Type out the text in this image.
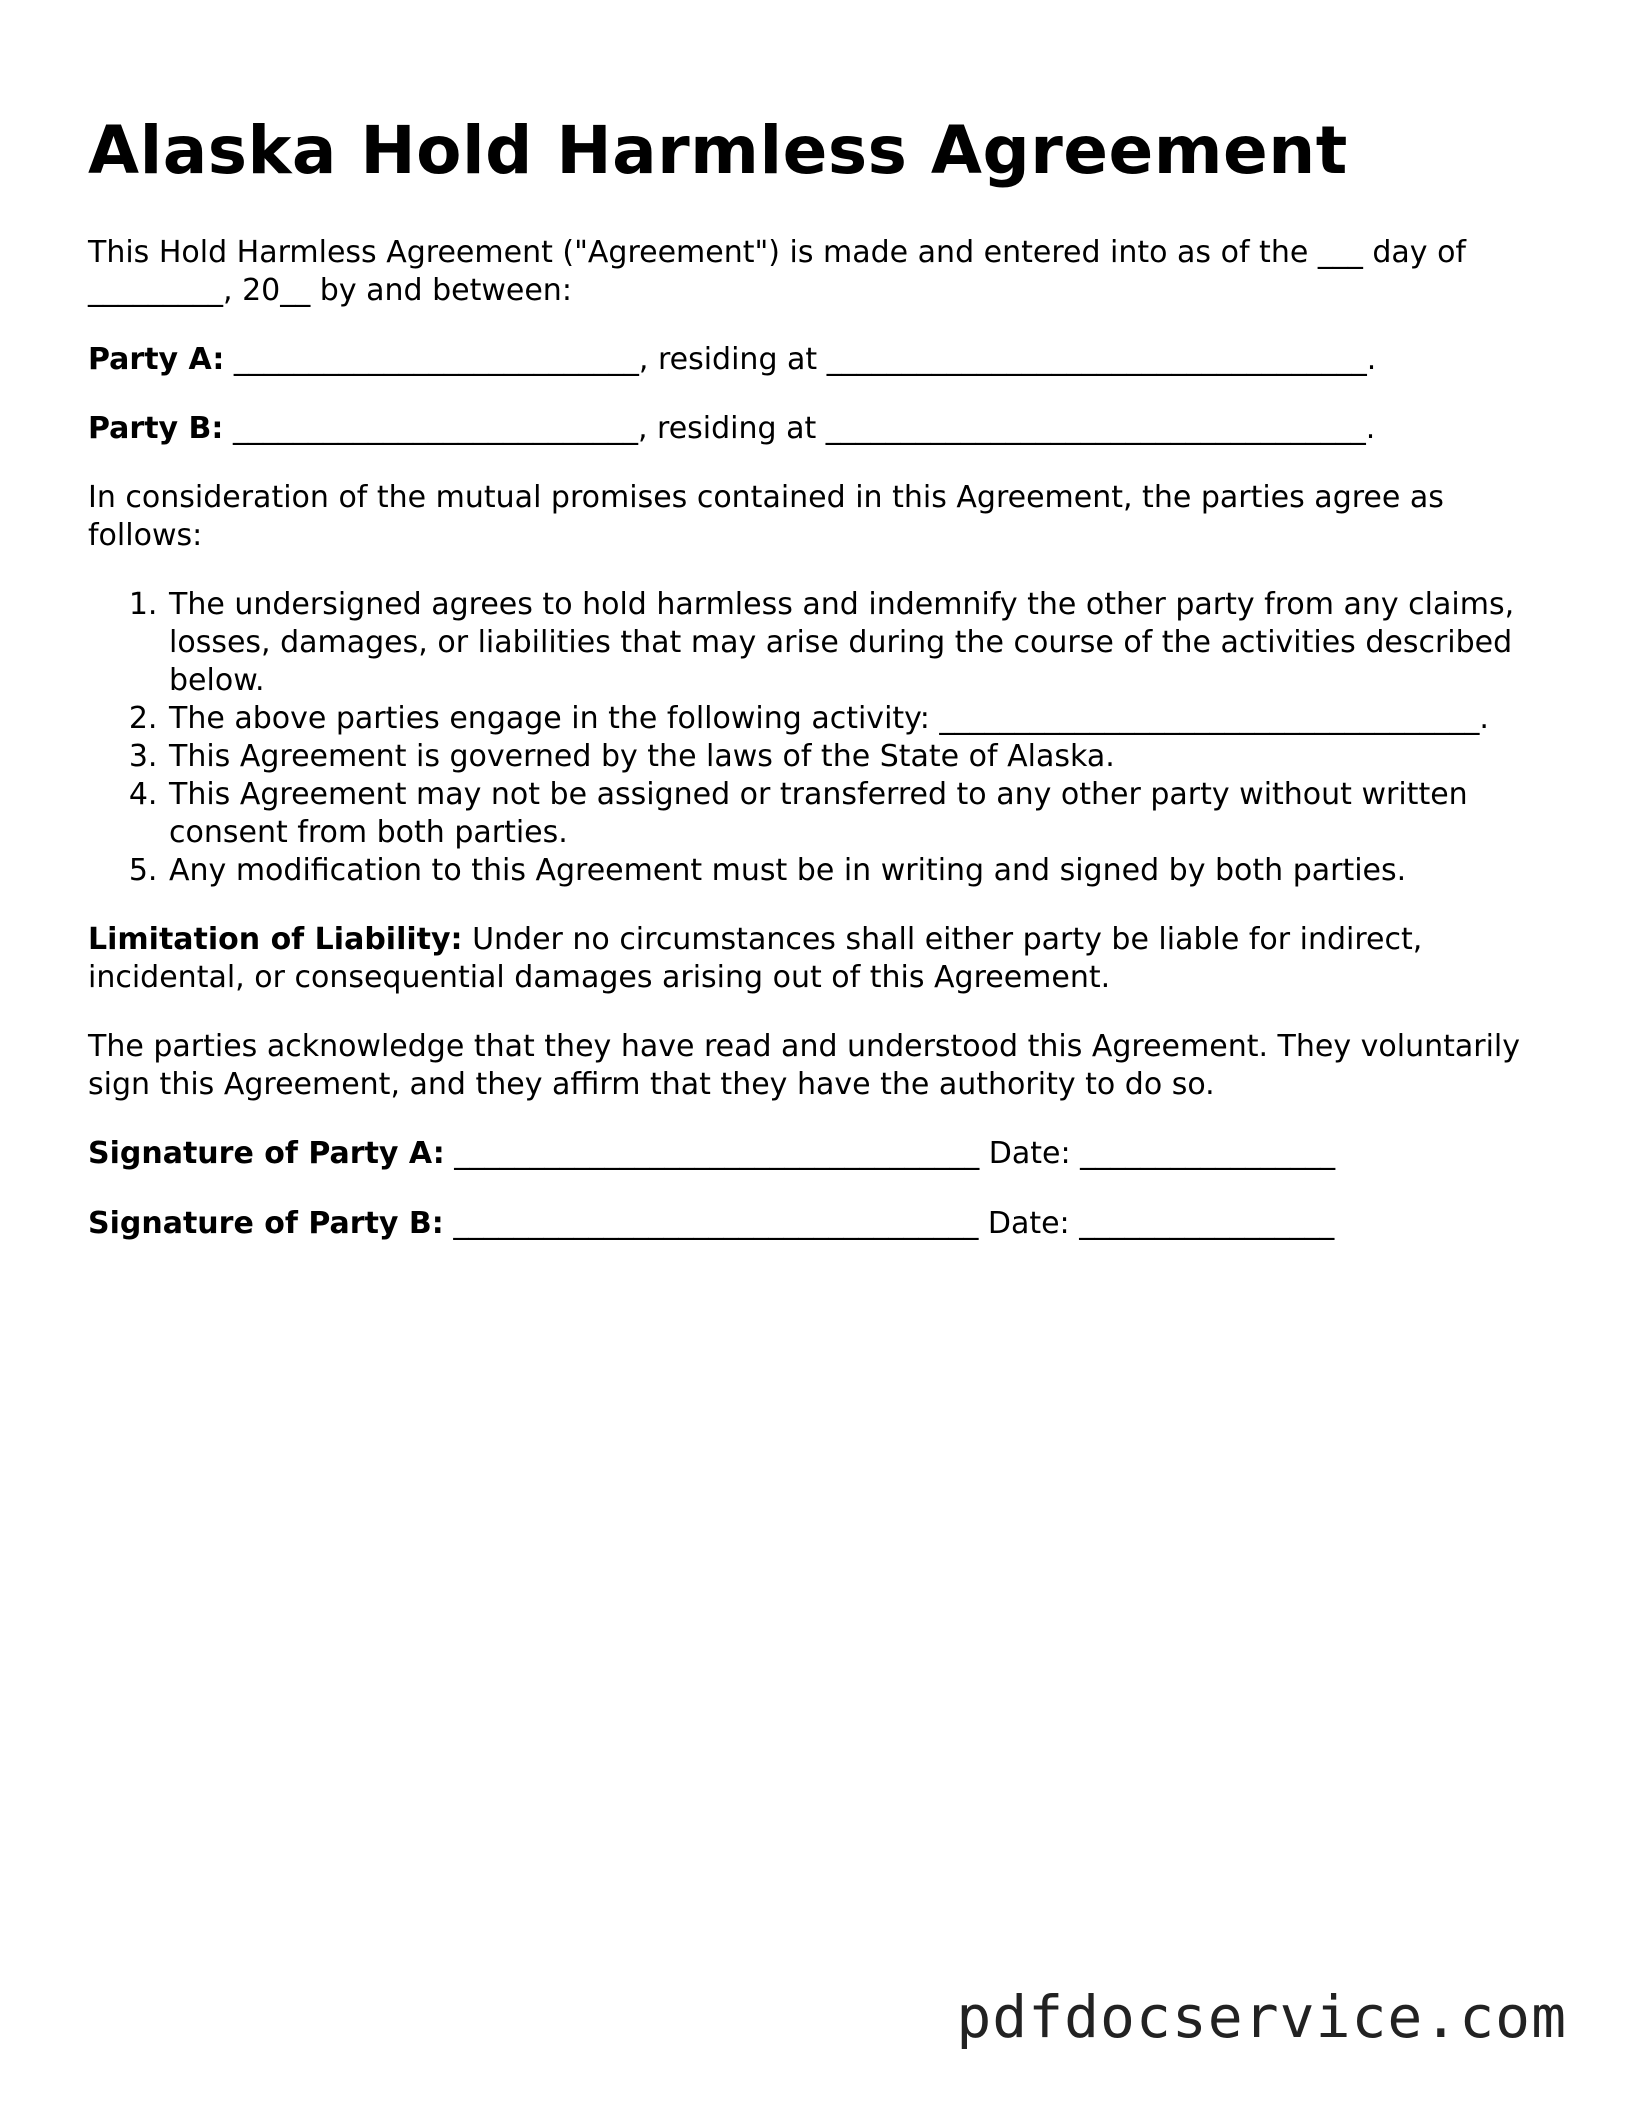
Alaska Hold Harmless Agreement

This Hold Harmless Agreement ("Agreement") is made and entered into as of the ___ day of _________, 20__ by and between:

Party A: ___________________________, residing at ____________________________________.

Party B: ___________________________, residing at ____________________________________.

In consideration of the mutual promises contained in this Agreement, the parties agree as follows:

1. The undersigned agrees to hold harmless and indemnify the other party from any claims, losses, damages, or liabilities that may arise during the course of the activities described below.
2. The above parties engage in the following activity: ____________________________________.
3. This Agreement is governed by the laws of the State of Alaska.
4. This Agreement may not be assigned or transferred to any other party without written consent from both parties.
5. Any modification to this Agreement must be in writing and signed by both parties.

Limitation of Liability: Under no circumstances shall either party be liable for indirect, incidental, or consequential damages arising out of this Agreement.

The parties acknowledge that they have read and understood this Agreement. They voluntarily sign this Agreement, and they affirm that they have the authority to do so.

Signature of Party A: ___________________________________ Date: _________________
Signature of Party B: ___________________________________ Date: _________________
pdfdocservice.com
